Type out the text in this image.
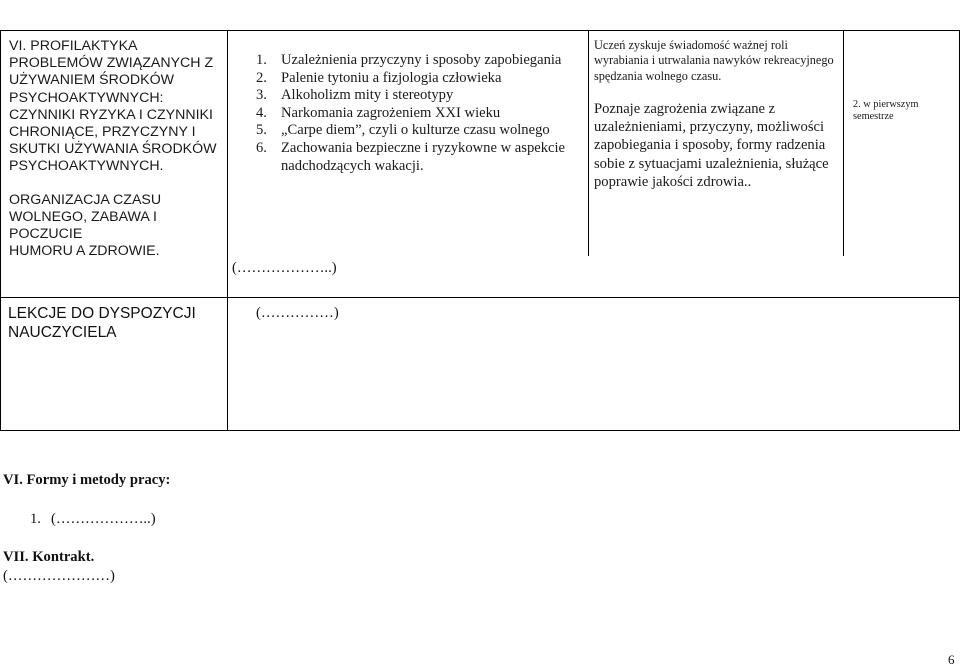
VI. PROFILAKTYKA

PROBLEMÓW ZWIĄZANYCH Z

UŻYWANIEM ŚRODKÓW

PSYCHOAKTYWNYCH:

CZYNNIKI RYZYKA I CZYNNIKI

CHRONIĄCE, PRZYCZYNY I

SKUTKI UŻYWANIA ŚRODKÓW

PSYCHOAKTYWNYCH.

ORGANIZACJA CZASU

WOLNEGO, ZABAWA I POCZUCIE

HUMORU A ZDROWIE.

1. Uzależnienia przyczyny i sposoby zapobiegania
2. Palenie tytoniu a fizjologia człowieka
3. Alkoholizm mity i stereotypy
4. Narkomania zagrożeniem XXI wieku
5. „Carpe diem”, czyli o kulturze czasu wolnego
6. Zachowania bezpieczne i ryzykowne w aspekcie nadchodzących wakacji.

Uczeń zyskuje świadomość ważnej roli wyrabiania i utrwalania nawyków rekreacyjnego spędzania wolnego czasu.

Poznaje zagrożenia związane z uzależnieniami, przyczyny, możliwości zapobiegania i sposoby, formy radzenia sobie z sytuacjami uzależnienia, służące poprawie jakości zdrowia..

2. w pierwszym semestrze
(………………..)
LEKCJE DO DYSPOZYCJI
NAUCZYCIELA
(……………)
VI. Formy i metody pracy:
1. (………………..)
VII. Kontrakt.
(…………………)
6
